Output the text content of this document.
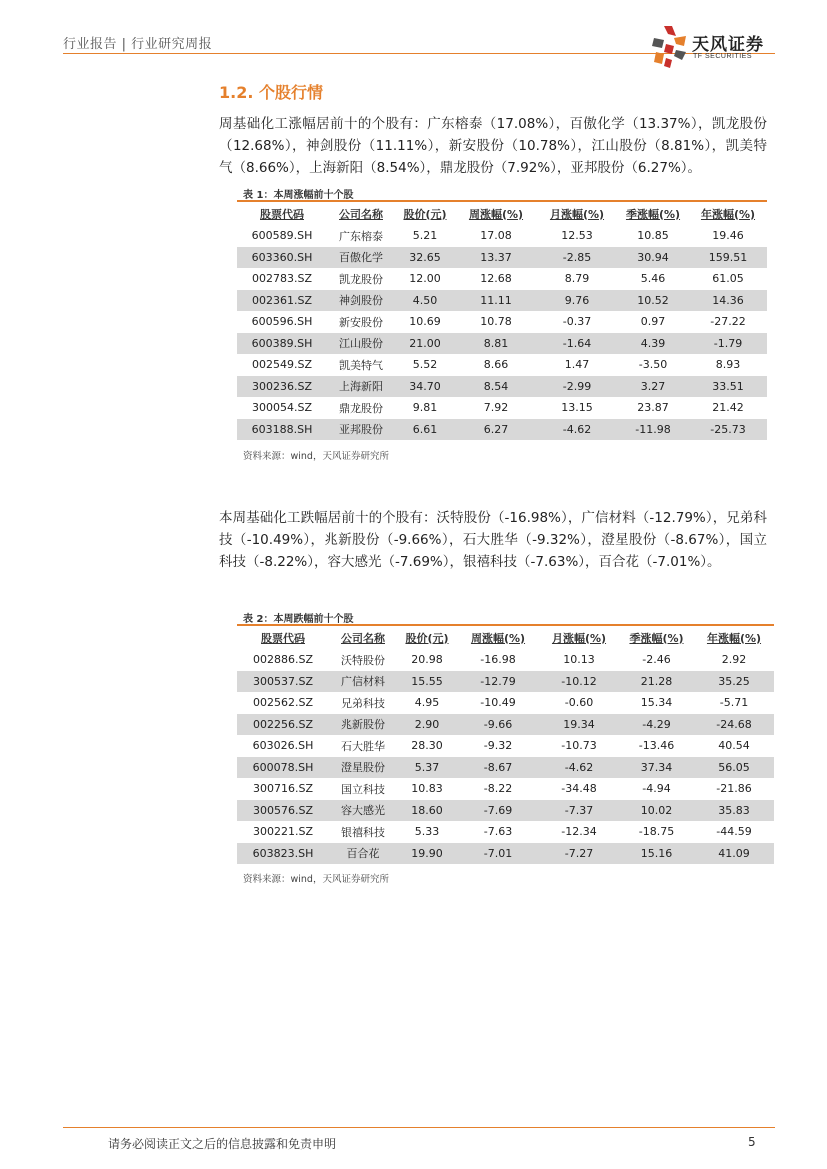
行业报告 | 行业研究周报	天风证券
TF SECURITIES
1.2. 个股行情
周基础化工涨幅居前十的个股有：广东榕泰（17.08%），百傲化学（13.37%），凯龙股份（12.68%），神剑股份（11.11%），新安股份（10.78%），江山股份（8.81%），凯美特气（8.66%），上海新阳（8.54%），鼎龙股份（7.92%），亚邦股份（6.27%）。
表 1：本周涨幅前十个股
股票代码	公司名称	股价(元)	周涨幅(%)	月涨幅(%)	季涨幅(%)	年涨幅(%)
600589.SH	广东榕泰	5.21	17.08	12.53	10.85	19.46
603360.SH	百傲化学	32.65	13.37	-2.85	30.94	159.51
002783.SZ	凯龙股份	12.00	12.68	8.79	5.46	61.05
002361.SZ	神剑股份	4.50	11.11	9.76	10.52	14.36
600596.SH	新安股份	10.69	10.78	-0.37	0.97	-27.22
600389.SH	江山股份	21.00	8.81	-1.64	4.39	-1.79
002549.SZ	凯美特气	5.52	8.66	1.47	-3.50	8.93
300236.SZ	上海新阳	34.70	8.54	-2.99	3.27	33.51
300054.SZ	鼎龙股份	9.81	7.92	13.15	23.87	21.42
603188.SH	亚邦股份	6.61	6.27	-4.62	-11.98	-25.73
资料来源：wind，天风证券研究所
本周基础化工跌幅居前十的个股有：沃特股份（-16.98%），广信材料（-12.79%），兄弟科技（-10.49%），兆新股份（-9.66%），石大胜华（-9.32%），澄星股份（-8.67%），国立科技（-8.22%），容大感光（-7.69%），银禧科技（-7.63%），百合花（-7.01%）。
表 2：本周跌幅前十个股
股票代码	公司名称	股价(元)	周涨幅(%)	月涨幅(%)	季涨幅(%)	年涨幅(%)
002886.SZ	沃特股份	20.98	-16.98	10.13	-2.46	2.92
300537.SZ	广信材料	15.55	-12.79	-10.12	21.28	35.25
002562.SZ	兄弟科技	4.95	-10.49	-0.60	15.34	-5.71
002256.SZ	兆新股份	2.90	-9.66	19.34	-4.29	-24.68
603026.SH	石大胜华	28.30	-9.32	-10.73	-13.46	40.54
600078.SH	澄星股份	5.37	-8.67	-4.62	37.34	56.05
300716.SZ	国立科技	10.83	-8.22	-34.48	-4.94	-21.86
300576.SZ	容大感光	18.60	-7.69	-7.37	10.02	35.83
300221.SZ	银禧科技	5.33	-7.63	-12.34	-18.75	-44.59
603823.SH	百合花	19.90	-7.01	-7.27	15.16	41.09
资料来源：wind，天风证券研究所
请务必阅读正文之后的信息披露和免责申明	5
